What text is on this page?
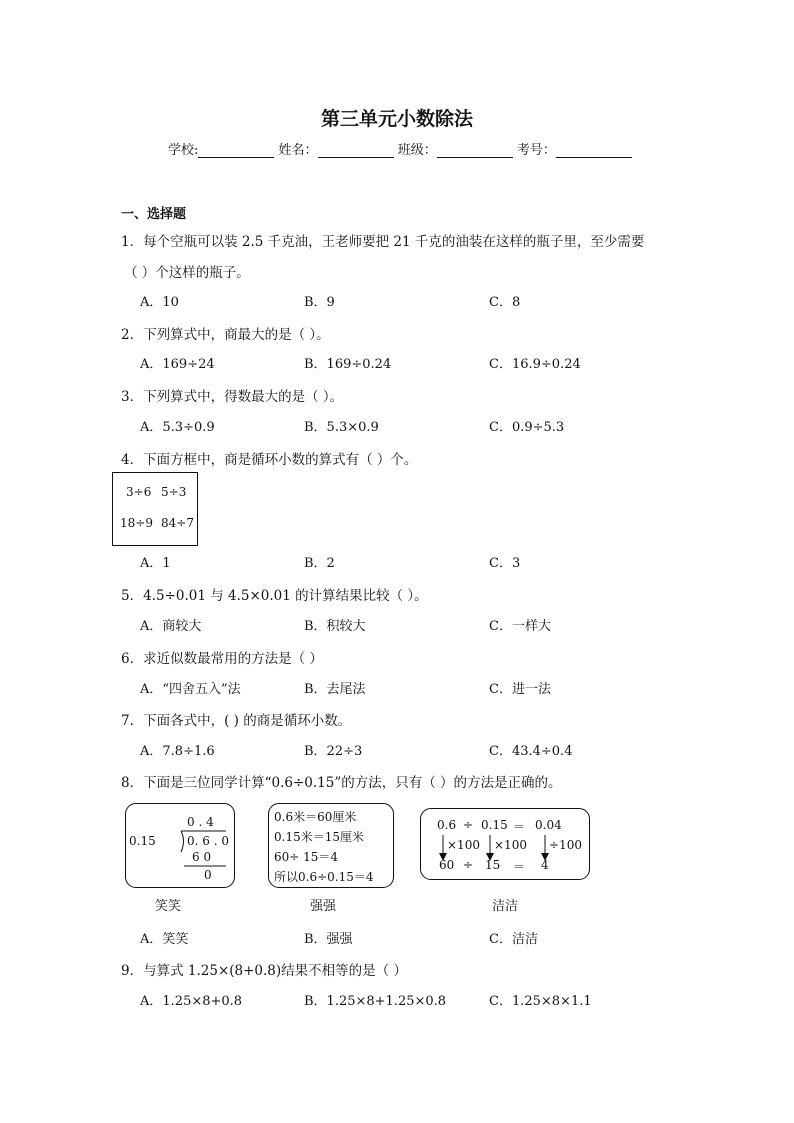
第三单元小数除法
学校:	姓名：	班级：	考号：
一、选择题
1．每个空瓶可以装 2.5 千克油，王老师要把 21 千克的油装在这样的瓶子里，至少需要
（ ）个这样的瓶子。
A．10	B．9	C．8
2．下列算式中，商最大的是（ ）。
A．169÷24	B．169÷0.24	C．16.9÷0.24
3．下列算式中，得数最大的是（ ）。
A．5.3÷0.9	B．5.3×0.9	C．0.9÷5.3
4．下面方框中，商是循环小数的算式有（ ）个。
3÷6 5÷3
18÷9 84÷7
A．1	B．2	C．3
5．4.5÷0.01 与 4.5×0.01 的计算结果比较（ ）。
A．商较大	B．积较大	C．一样大
6．求近似数最常用的方法是（ ）
A．“四舍五入”法	B．去尾法	C．进一法
7．下面各式中，( ) 的商是循环小数。
A．7.8÷1.6	B．22÷3	C．43.4÷0.4
8．下面是三位同学计算“0.6÷0.15”的方法，只有（ ）的方法是正确的。
0 . 4
0.15	0. 6 . 0
6 0
0
笑笑
0.6米＝60厘米
0.15米＝15厘米
60÷ 15＝4
所以0.6÷0.15＝4
强强
0.6 ÷ 0.15 ＝ 0.04
×100 ×100 ÷100
60 ÷ 15 ＝ 4
洁洁
A．笑笑	B．强强	C．洁洁
9．与算式 1.25×(8+0.8)结果不相等的是（ ）
A．1.25×8+0.8	B．1.25×8+1.25×0.8	C．1.25×8×1.1
